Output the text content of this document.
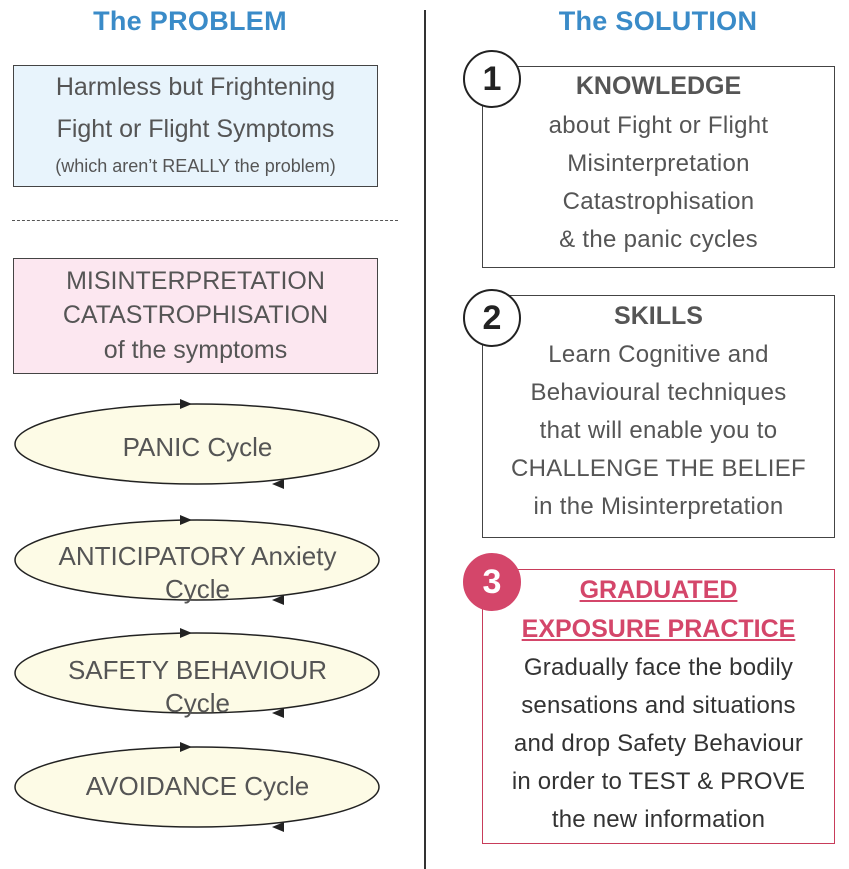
The PROBLEM	The SOLUTION
Harmless but Frightening
Fight or Flight Symptoms
(which aren’t REALLY the problem)
MISINTERPRETATION
CATASTROPHISATION
of the symptoms
PANIC Cycle
ANTICIPATORY Anxiety
Cycle
SAFETY BEHAVIOUR
Cycle
AVOIDANCE Cycle
KNOWLEDGE
about Fight or Flight
Misinterpretation
Catastrophisation
& the panic cycles
SKILLS
Learn Cognitive and
Behavioural techniques
that will enable you to
CHALLENGE THE BELIEF
in the Misinterpretation
GRADUATED
EXPOSURE PRACTICE
Gradually face the bodily
sensations and situations
and drop Safety Behaviour
in order to TEST & PROVE
the new information
1
2
3
